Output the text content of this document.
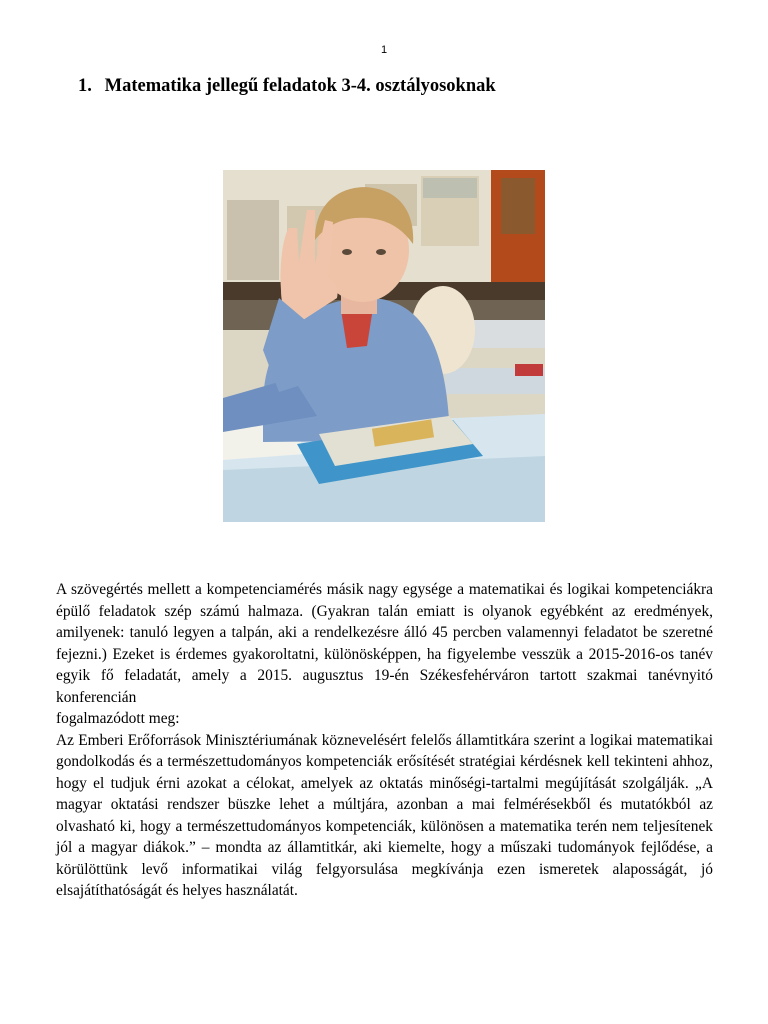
1
1. Matematika jellegű feladatok 3-4. osztályosoknak

A szövegértés mellett a kompetenciamérés másik nagy egysége a matematikai és logikai kompetenciákra épülő feladatok szép számú halmaza. (Gyakran talán emiatt is olyanok egyébként az eredmények, amilyenek: tanuló legyen a talpán, aki a rendelkezésre álló 45 percben valamennyi feladatot be szeretné fejezni.) Ezeket is érdemes gyakoroltatni, különösképpen, ha figyelembe vesszük a 2015-2016-os tanév egyik fő feladatát, amely a 2015. augusztus 19-én Székesfehérváron tartott szakmai tanévnyitó konferencián

fogalmazódott meg:

Az Emberi Erőforrások Minisztériumának köznevelésért felelős államtitkára szerint a logikai matematikai gondolkodás és a természettudományos kompetenciák erősítését stratégiai kérdésnek kell tekinteni ahhoz, hogy el tudjuk érni azokat a célokat, amelyek az oktatás minőségi-tartalmi megújítását szolgálják. „A magyar oktatási rendszer büszke lehet a múltjára, azonban a mai felmérésekből és mutatókból az olvasható ki, hogy a természettudományos kompetenciák, különösen a matematika terén nem teljesítenek jól a magyar diákok.” – mondta az államtitkár, aki kiemelte, hogy a műszaki tudományok fejlődése, a körülöttünk levő informatikai világ felgyorsulása megkívánja ezen ismeretek alaposságát, jó elsajátíthatóságát és helyes használatát.
